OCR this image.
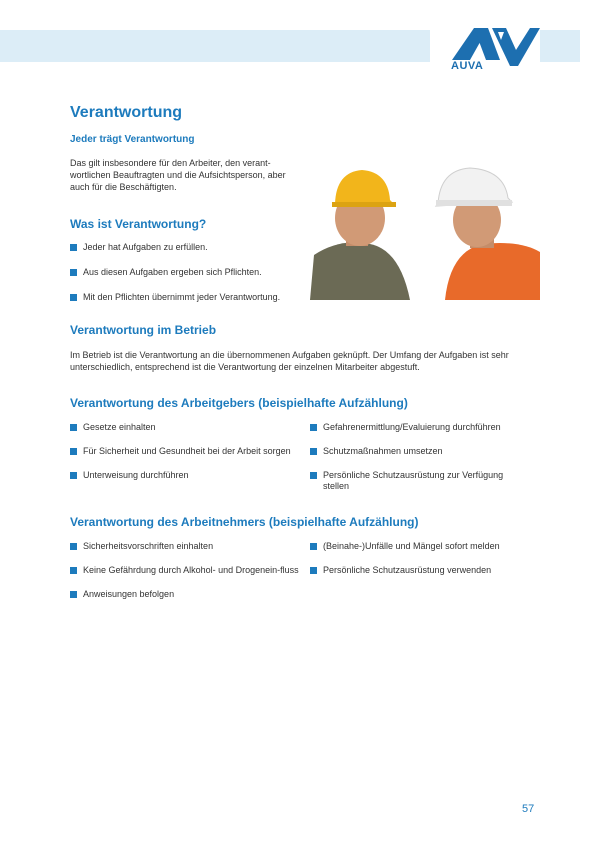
AUVA
Verantwortung

Jeder trägt Verantwortung

Das gilt insbesondere für den Arbeiter, den verant-wortlichen Beauftragten und die Aufsichtsperson, aber auch für die Beschäftigten.

Was ist Verantwortung?
Jeder hat Aufgaben zu erfüllen.
Aus diesen Aufgaben ergeben sich Pflichten.
Mit den Pflichten übernimmt jeder Verantwortung.
Verantwortung im Betrieb

Im Betrieb ist die Verantwortung an die übernommenen Aufgaben geknüpft. Der Umfang der Aufgaben ist sehr unterschiedlich, entsprechend ist die Verantwortung der einzelnen Mitarbeiter abgestuft.

Verantwortung des Arbeitgebers (beispielhafte Aufzählung)
Gesetze einhalten
Für Sicherheit und Gesundheit bei der Arbeit sorgen
Unterweisung durchführen
Gefahrenermittlung/Evaluierung durchführen
Schutzmaßnahmen umsetzen
Persönliche Schutzausrüstung zur Verfügung stellen
Verantwortung des Arbeitnehmers (beispielhafte Aufzählung)
Sicherheitsvorschriften einhalten
Keine Gefährdung durch Alkohol- und Drogenein-fluss
Anweisungen befolgen
(Beinahe-)Unfälle und Mängel sofort melden
Persönliche Schutzausrüstung verwenden
57
